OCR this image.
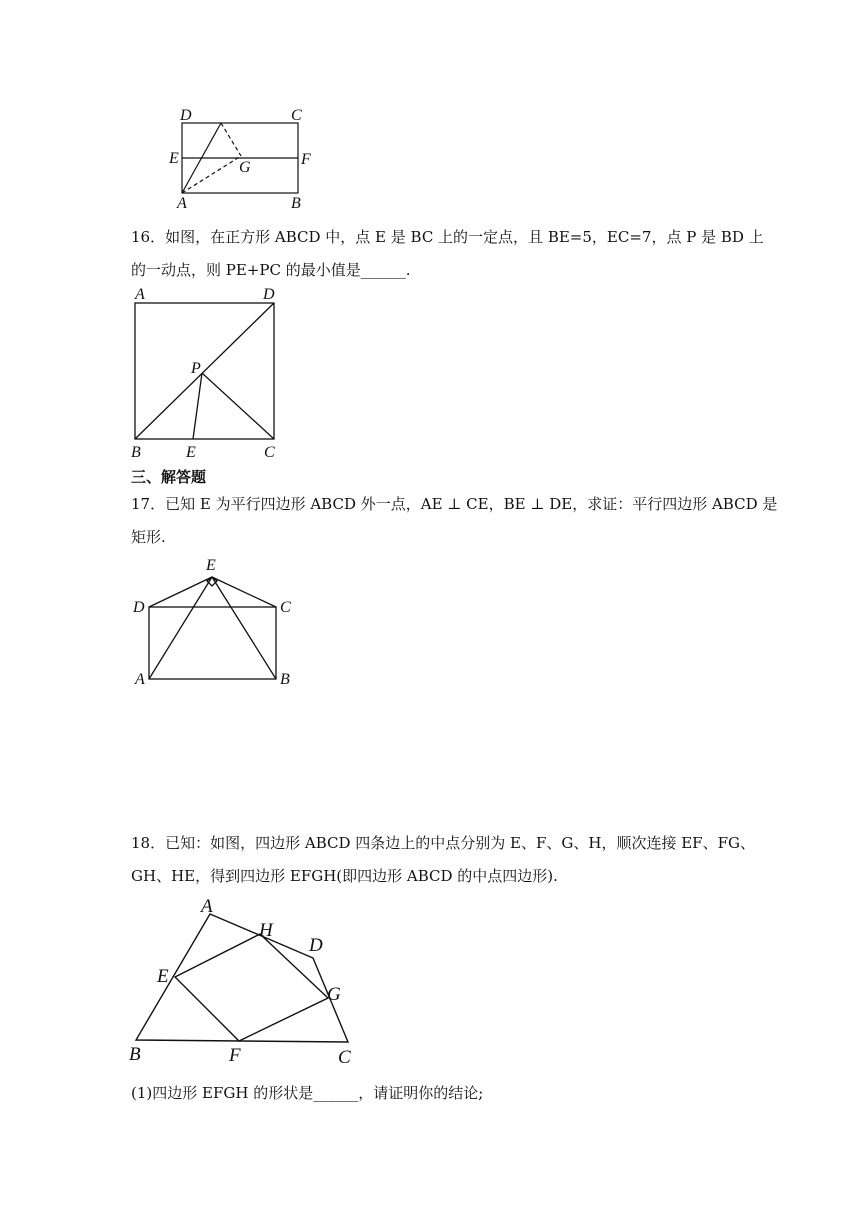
D	C
E
G	F
A	B
16．如图，在正方形 ABCD 中，点 E 是 BC 上的一定点，且 BE=5，EC=7，点 P 是 BD 上
的一动点，则 PE+PC 的最小值是______.
A	D
P
B	E	C
三、解答题
17．已知 E 为平行四边形 ABCD 外一点，AE ⊥ CE，BE ⊥ DE，求证：平行四边形 ABCD 是
矩形.
E
D	C
A	B
18．已知：如图，四边形 ABCD 四条边上的中点分别为 E、F、G、H，顺次连接 EF、FG、
GH、HE，得到四边形 EFGH(即四边形 ABCD 的中点四边形).
A
H
D
E
G
B	F	C
(1)四边形 EFGH 的形状是______，请证明你的结论;
